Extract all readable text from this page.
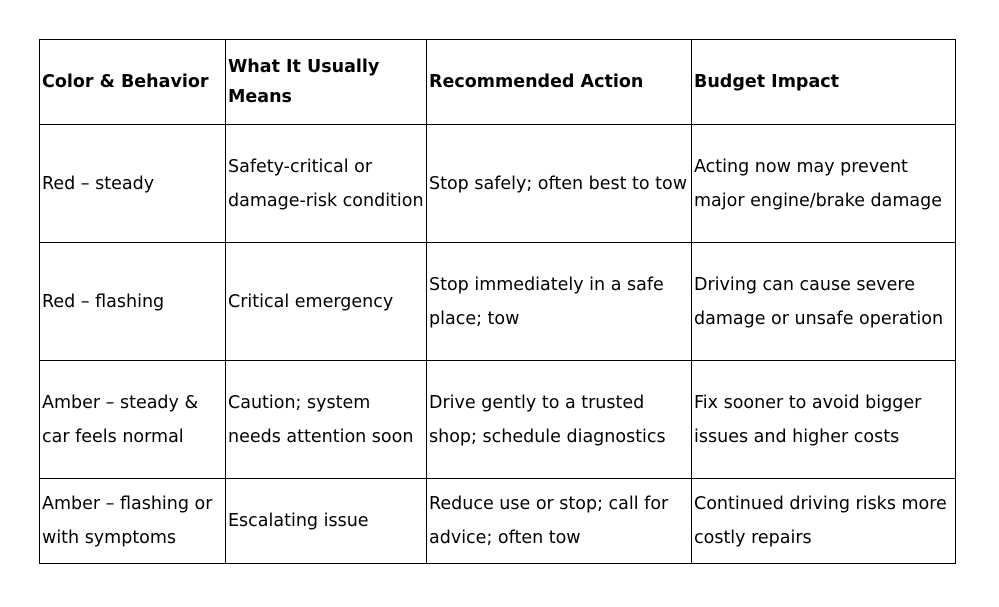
Color & Behavior	What It Usually Means	Recommended Action	Budget Impact
Red – steady	Safety-critical or damage-risk condition	Stop safely; often best to tow	Acting now may prevent major engine/brake damage
Red – flashing	Critical emergency	Stop immediately in a safe place; tow	Driving can cause severe damage or unsafe operation
Amber – steady & car feels normal	Caution; system needs attention soon	Drive gently to a trusted shop; schedule diagnostics	Fix sooner to avoid bigger issues and higher costs
Amber – flashing or with symptoms	Escalating issue	Reduce use or stop; call for advice; often tow	Continued driving risks more costly repairs
